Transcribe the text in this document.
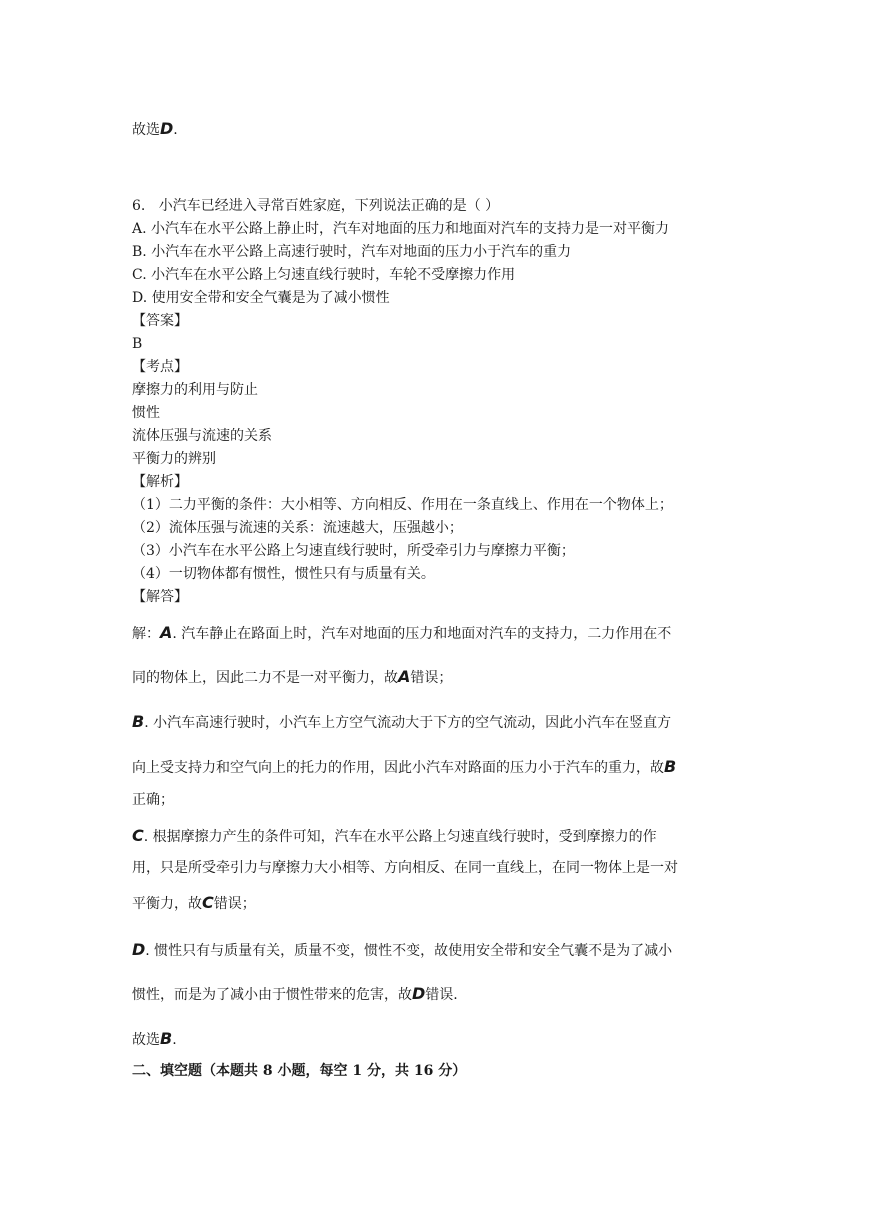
故选D.
6. 小汽车已经进入寻常百姓家庭，下列说法正确的是（ ）
A. 小汽车在水平公路上静止时，汽车对地面的压力和地面对汽车的支持力是一对平衡力
B. 小汽车在水平公路上高速行驶时，汽车对地面的压力小于汽车的重力
C. 小汽车在水平公路上匀速直线行驶时，车轮不受摩擦力作用
D. 使用安全带和安全气囊是为了减小惯性
【答案】
B
【考点】
摩擦力的利用与防止
惯性
流体压强与流速的关系
平衡力的辨别
【解析】
（1）二力平衡的条件：大小相等、方向相反、作用在一条直线上、作用在一个物体上；
（2）流体压强与流速的关系：流速越大，压强越小；
（3）小汽车在水平公路上匀速直线行驶时，所受牵引力与摩擦力平衡；
（4）一切物体都有惯性，惯性只有与质量有关。
【解答】
解：A. 汽车静止在路面上时，汽车对地面的压力和地面对汽车的支持力，二力作用在不
同的物体上，因此二力不是一对平衡力，故A错误；
B. 小汽车高速行驶时，小汽车上方空气流动大于下方的空气流动，因此小汽车在竖直方
向上受支持力和空气向上的托力的作用，因此小汽车对路面的压力小于汽车的重力，故B
正确；
C. 根据摩擦力产生的条件可知，汽车在水平公路上匀速直线行驶时，受到摩擦力的作
用，只是所受牵引力与摩擦力大小相等、方向相反、在同一直线上，在同一物体上是一对
平衡力，故C错误；
D. 惯性只有与质量有关，质量不变，惯性不变，故使用安全带和安全气囊不是为了减小
惯性，而是为了减小由于惯性带来的危害，故D错误.
故选B.
二、填空题（本题共 8 小题，每空 1 分，共 16 分）
